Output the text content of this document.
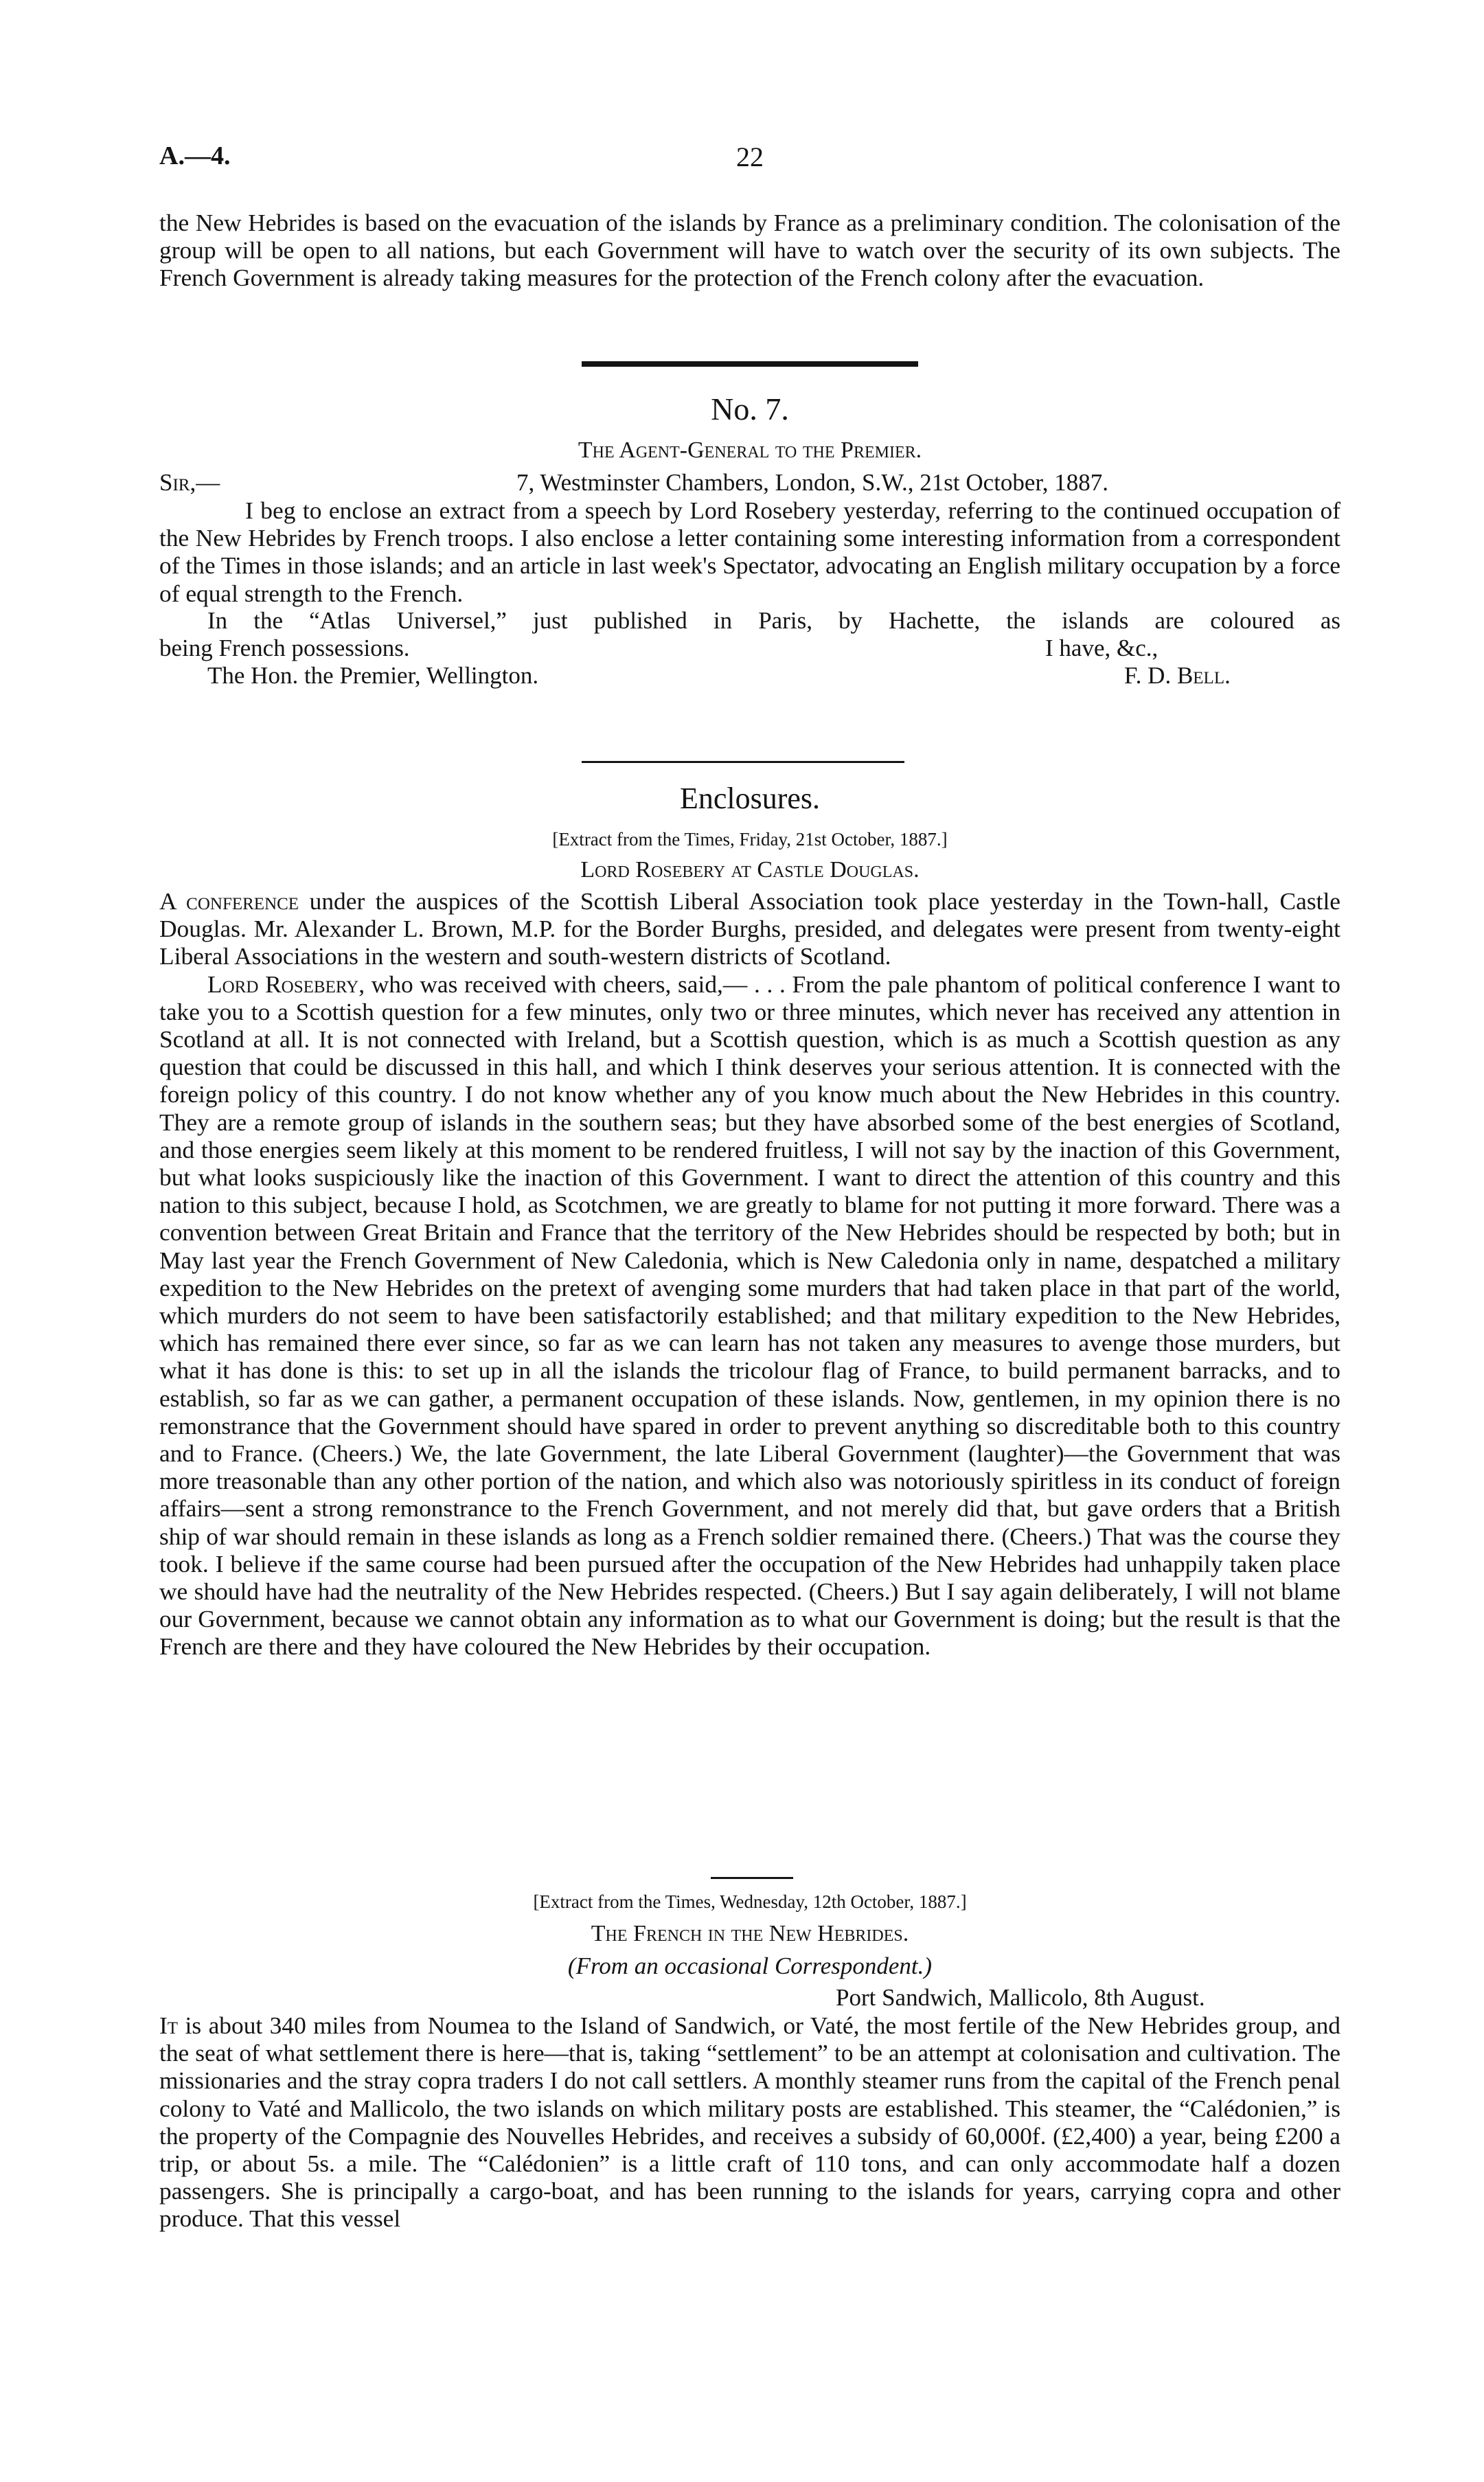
A.—4.	22

the New Hebrides is based on the evacuation of the islands by France as a preliminary condition. The colonisation of the group will be open to all nations, but each Government will have to watch over the security of its own subjects. The French Government is already taking measures for the protection of the French colony after the evacuation.

No. 7.
The Agent-General to the Premier.
Sir,—	7, Westminster Chambers, London, S.W., 21st October, 1887.

I beg to enclose an extract from a speech by Lord Rosebery yesterday, referring to the continued occupation of the New Hebrides by French troops. I also enclose a letter containing some interesting information from a correspondent of the Times in those islands; and an article in last week's Spectator, advocating an English military occupation by a force of equal strength to the French.

In the “Atlas Universel,” just published in Paris, by Hachette, the islands are coloured as
being French possessions.	I have, &c.,
The Hon. the Premier, Wellington.	F. D. Bell.
Enclosures.
[Extract from the Times, Friday, 21st October, 1887.]
Lord Rosebery at Castle Douglas.

A conference under the auspices of the Scottish Liberal Association took place yesterday in the Town-hall, Castle Douglas. Mr. Alexander L. Brown, M.P. for the Border Burghs, presided, and delegates were present from twenty-eight Liberal Associations in the western and south-western districts of Scotland.

Lord Rosebery, who was received with cheers, said,— . . . From the pale phantom of political conference I want to take you to a Scottish question for a few minutes, only two or three minutes, which never has received any attention in Scotland at all. It is not connected with Ireland, but a Scottish question, which is as much a Scottish question as any question that could be discussed in this hall, and which I think deserves your serious attention. It is connected with the foreign policy of this country. I do not know whether any of you know much about the New Hebrides in this country. They are a remote group of islands in the southern seas; but they have absorbed some of the best energies of Scotland, and those energies seem likely at this moment to be rendered fruitless, I will not say by the inaction of this Government, but what looks suspiciously like the inaction of this Government. I want to direct the attention of this country and this nation to this subject, because I hold, as Scotchmen, we are greatly to blame for not putting it more forward. There was a convention between Great Britain and France that the territory of the New Hebrides should be respected by both; but in May last year the French Government of New Caledonia, which is New Caledonia only in name, despatched a military expedition to the New Hebrides on the pretext of avenging some murders that had taken place in that part of the world, which murders do not seem to have been satisfactorily established; and that military expedition to the New Hebrides, which has remained there ever since, so far as we can learn has not taken any measures to avenge those murders, but what it has done is this: to set up in all the islands the tricolour flag of France, to build permanent barracks, and to establish, so far as we can gather, a permanent occupation of these islands. Now, gentlemen, in my opinion there is no remonstrance that the Government should have spared in order to prevent anything so discreditable both to this country and to France. (Cheers.) We, the late Government, the late Liberal Government (laughter)—the Government that was more treasonable than any other portion of the nation, and which also was notoriously spiritless in its conduct of foreign affairs—sent a strong remonstrance to the French Government, and not merely did that, but gave orders that a British ship of war should remain in these islands as long as a French soldier remained there. (Cheers.) That was the course they took. I believe if the same course had been pursued after the occupation of the New Hebrides had unhappily taken place we should have had the neutrality of the New Hebrides respected. (Cheers.) But I say again deliberately, I will not blame our Government, because we cannot obtain any information as to what our Government is doing; but the result is that the French are there and they have coloured the New Hebrides by their occupation.

[Extract from the Times, Wednesday, 12th October, 1887.]
The French in the New Hebrides.
(From an occasional Correspondent.)
Port Sandwich, Mallicolo, 8th August.

It is about 340 miles from Noumea to the Island of Sandwich, or Vaté, the most fertile of the New Hebrides group, and the seat of what settlement there is here—that is, taking “settlement” to be an attempt at colonisation and cultivation. The missionaries and the stray copra traders I do not call settlers. A monthly steamer runs from the capital of the French penal colony to Vaté and Mallicolo, the two islands on which military posts are established. This steamer, the “Calédonien,” is the property of the Compagnie des Nouvelles Hebrides, and receives a subsidy of 60,000f. (£2,400) a year, being £200 a trip, or about 5s. a mile. The “Calédonien” is a little craft of 110 tons, and can only accommodate half a dozen passengers. She is principally a cargo-boat, and has been running to the islands for years, carrying copra and other produce. That this vessel
